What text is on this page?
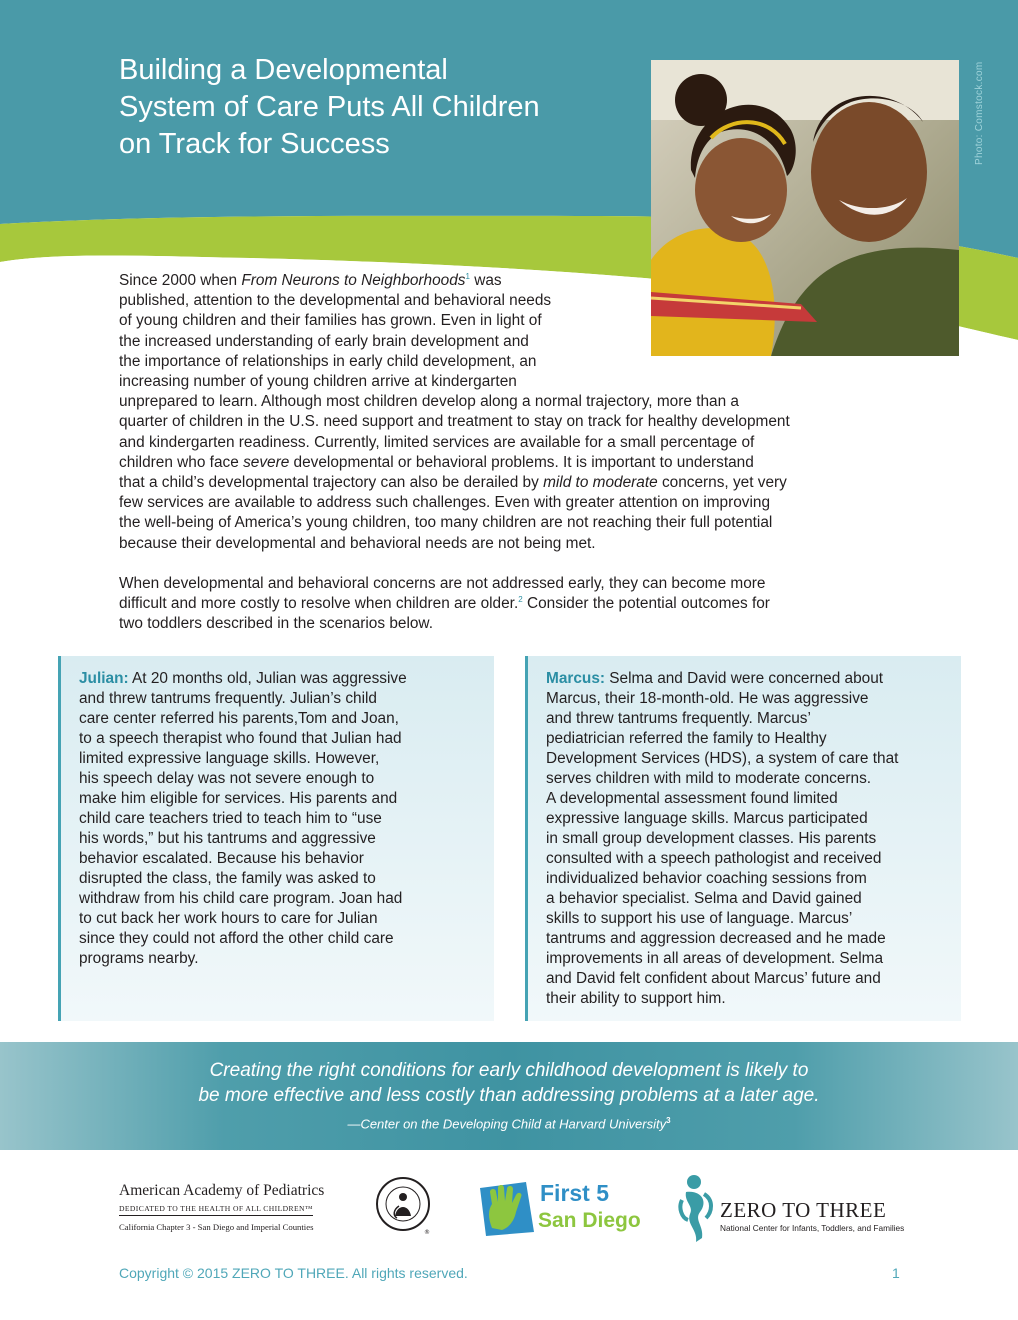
Building a Developmental
System of Care Puts All Children
on Track for Success	Photo: Comstock.com
Since 2000 when From Neurons to Neighborhoods$^1$ was
published, attention to the developmental and behavioral needs
of young children and their families has grown. Even in light of
the increased understanding of early brain development and
the importance of relationships in early child development, an
increasing number of young children arrive at kindergarten
unprepared to learn. Although most children develop along a normal trajectory, more than a
quarter of children in the U.S. need support and treatment to stay on track for healthy development
and kindergarten readiness. Currently, limited services are available for a small percentage of
children who face severe developmental or behavioral problems. It is important to understand
that a child’s developmental trajectory can also be derailed by mild to moderate concerns, yet very
few services are available to address such challenges. Even with greater attention on improving
the well-being of America’s young children, too many children are not reaching their full potential
because their developmental and behavioral needs are not being met.
When developmental and behavioral concerns are not addressed early, they can become more
difficult and more costly to resolve when children are older.$^2$ Consider the potential outcomes for
two toddlers described in the scenarios below.
Julian: At 20 months old, Julian was aggressive
and threw tantrums frequently. Julian’s child
care center referred his parents,Tom and Joan,
to a speech therapist who found that Julian had
limited expressive language skills. However,
his speech delay was not severe enough to
make him eligible for services. His parents and
child care teachers tried to teach him to “use
his words,” but his tantrums and aggressive
behavior escalated. Because his behavior
disrupted the class, the family was asked to
withdraw from his child care program. Joan had
to cut back her work hours to care for Julian
since they could not afford the other child care
programs nearby.
Marcus: Selma and David were concerned about
Marcus, their 18-month-old. He was aggressive
and threw tantrums frequently. Marcus’
pediatrician referred the family to Healthy
Development Services (HDS), a system of care that
serves children with mild to moderate concerns.
A developmental assessment found limited
expressive language skills. Marcus participated
in small group development classes. His parents
consulted with a speech pathologist and received
individualized behavior coaching sessions from
a behavior specialist. Selma and David gained
skills to support his use of language. Marcus’
tantrums and aggression decreased and he made
improvements in all areas of development. Selma
and David felt confident about Marcus’ future and
their ability to support him.
Creating the right conditions for early childhood development is likely to
be more effective and less costly than addressing problems at a later age.
—Center on the Developing Child at Harvard University$^3$
American Academy of Pediatrics
DEDICATED TO THE HEALTH OF ALL CHILDREN™
California Chapter 3 - San Diego and Imperial Counties
®
First 5
San Diego	ZERO TO THREE
National Center for Infants, Toddlers, and Families
Copyright © 2015 ZERO TO THREE. All rights reserved.	1
